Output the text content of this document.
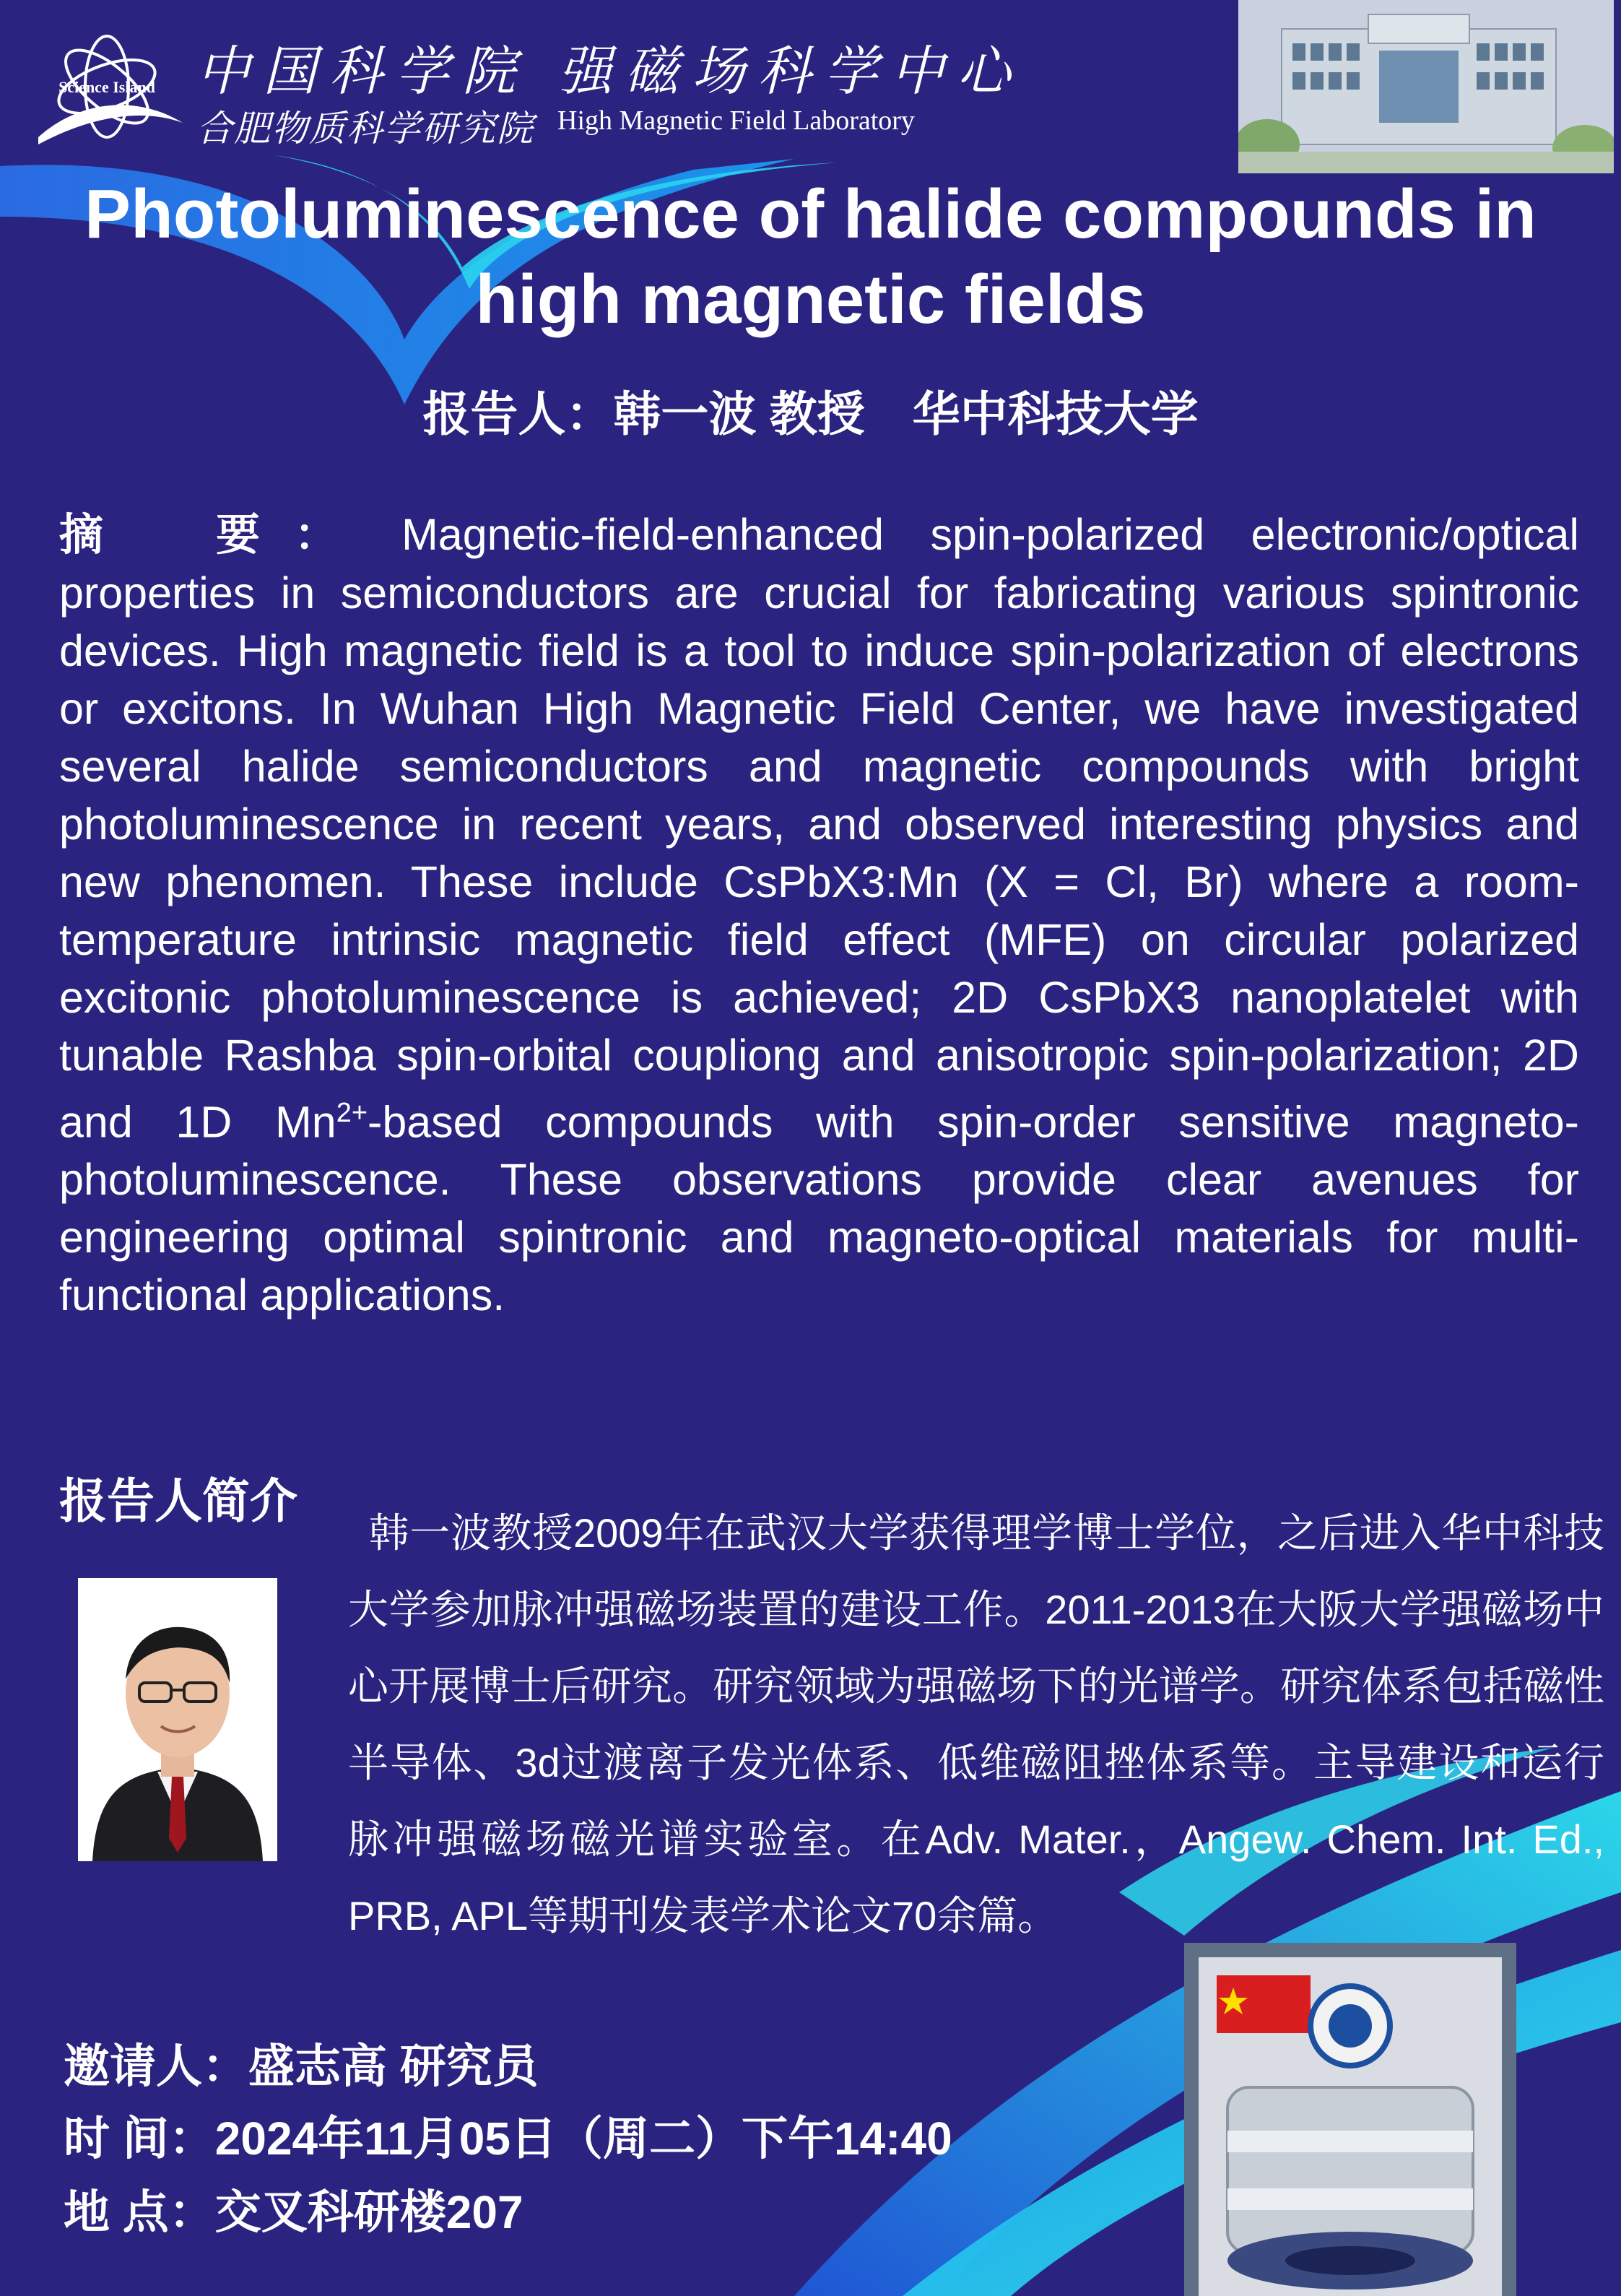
Science Island 中国科学院 强磁场科学中心
合肥物质科学研究院 High Magnetic Field Laboratory
Photoluminescence of halide compounds in high magnetic fields
报告人：韩一波 教授　华中科技大学
摘　要： Magnetic-field-enhanced spin-polarized electronic/optical properties in semiconductors are crucial for fabricating various spintronic devices. High magnetic field is a tool to induce spin-polarization of electrons or excitons. In Wuhan High Magnetic Field Center, we have investigated several halide semiconductors and magnetic compounds with bright photoluminescence in recent years, and observed interesting physics and new phenomen. These include CsPbX3:Mn (X = Cl, Br) where a room-temperature intrinsic magnetic field effect (MFE) on circular polarized excitonic photoluminescence is achieved; 2D CsPbX3 nanoplatelet with tunable Rashba spin-orbital coupliong and anisotropic spin-polarization; 2D and 1D $Mn^{2+}$-based compounds with spin-order sensitive magneto-photoluminescence. These observations provide clear avenues for engineering optimal spintronic and magneto-optical materials for multi-functional applications.
报告人简介
韩一波教授2009年在武汉大学获得理学博士学位，之后进入华中科技大学参加脉冲强磁场装置的建设工作。2011-2013在大阪大学强磁场中心开展博士后研究。研究领域为强磁场下的光谱学。研究体系包括磁性半导体、3d过渡离子发光体系、低维磁阻挫体系等。主导建设和运行脉冲强磁场磁光谱实验室。在Adv. Mater.，Angew. Chem. Int. Ed., PRB, APL等期刊发表学术论文70余篇。
邀请人：盛志高 研究员
时 间：2024年11月05日（周二）下午14:40
地 点：交叉科研楼207
